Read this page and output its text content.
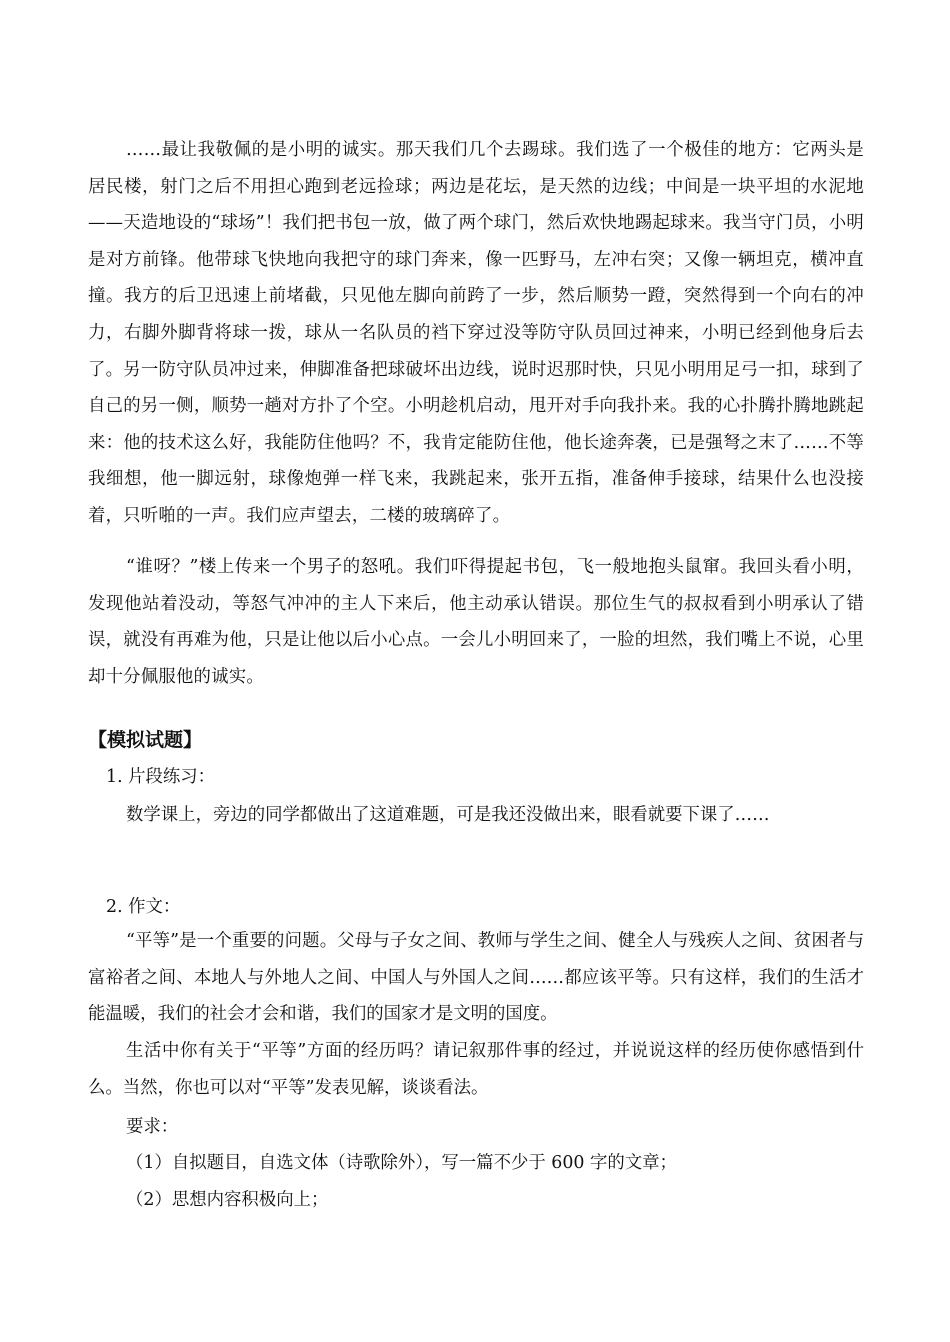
……最让我敬佩的是小明的诚实。那天我们几个去踢球。我们选了一个极佳的地方：它两头是居民楼，射门之后不用担心跑到老远捡球；两边是花坛，是天然的边线；中间是一块平坦的水泥地——天造地设的“球场”！我们把书包一放，做了两个球门，然后欢快地踢起球来。我当守门员，小明是对方前锋。他带球飞快地向我把守的球门奔来，像一匹野马，左冲右突；又像一辆坦克，横冲直撞。我方的后卫迅速上前堵截，只见他左脚向前跨了一步，然后顺势一蹬，突然得到一个向右的冲力，右脚外脚背将球一拨，球从一名队员的裆下穿过没等防守队员回过神来，小明已经到他身后去了。另一防守队员冲过来，伸脚准备把球破坏出边线，说时迟那时快，只见小明用足弓一扣，球到了自己的另一侧，顺势一趟对方扑了个空。小明趁机启动，甩开对手向我扑来。我的心扑腾扑腾地跳起来：他的技术这么好，我能防住他吗？不，我肯定能防住他，他长途奔袭，已是强弩之末了……不等我细想，他一脚远射，球像炮弹一样飞来，我跳起来，张开五指，准备伸手接球，结果什么也没接着，只听啪的一声。我们应声望去，二楼的玻璃碎了。

“谁呀？”楼上传来一个男子的怒吼。我们吓得提起书包，飞一般地抱头鼠窜。我回头看小明，发现他站着没动，等怒气冲冲的主人下来后，他主动承认错误。那位生气的叔叔看到小明承认了错误，就没有再难为他，只是让他以后小心点。一会儿小明回来了，一脸的坦然，我们嘴上不说，心里却十分佩服他的诚实。

【模拟试题】

1. 片段练习：

数学课上，旁边的同学都做出了这道难题，可是我还没做出来，眼看就要下课了……

2. 作文：

“平等”是一个重要的问题。父母与子女之间、教师与学生之间、健全人与残疾人之间、贫困者与富裕者之间、本地人与外地人之间、中国人与外国人之间……都应该平等。只有这样，我们的生活才能温暖，我们的社会才会和谐，我们的国家才是文明的国度。

生活中你有关于“平等”方面的经历吗？请记叙那件事的经过，并说说这样的经历使你感悟到什么。当然，你也可以对“平等”发表见解，谈谈看法。

要求：

（1）自拟题目，自选文体（诗歌除外），写一篇不少于 600 字的文章；

（2）思想内容积极向上；
